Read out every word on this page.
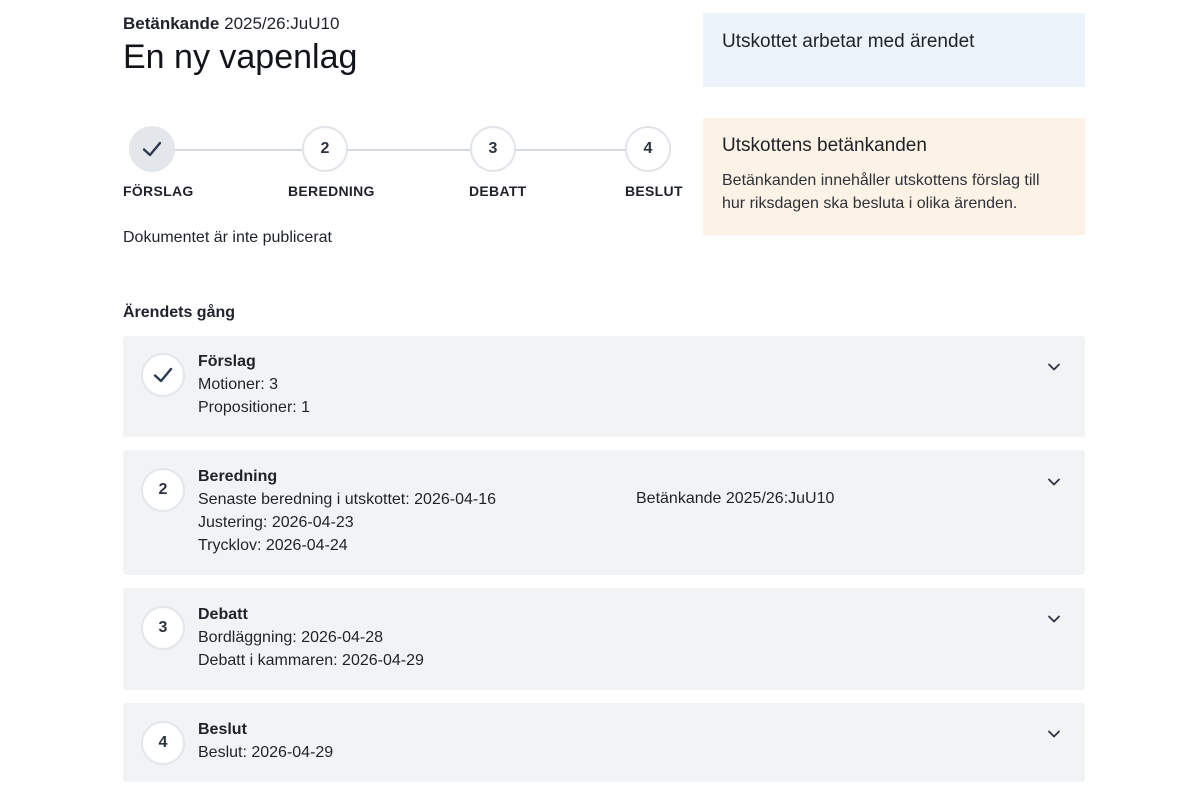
Betänkande 2025/26:JuU10
En ny vapenlag	Utskottet arbetar med ärendet
Utskottens betänkanden
Betänkanden innehåller utskottens förslag till hur riksdagen ska besluta i olika ärenden.
2	3	4
FÖRSLAG	BEREDNING	DEBATT	BESLUT
Dokumentet är inte publicerat
Ärendets gång
Förslag
Motioner: 3
Propositioner: 1
2
Beredning
Senaste beredning i utskottet: 2026-04-16
Justering: 2026-04-23
Trycklov: 2026-04-24
Betänkande 2025/26:JuU10
3
Debatt
Bordläggning: 2026-04-28
Debatt i kammaren: 2026-04-29
4
Beslut
Beslut: 2026-04-29
